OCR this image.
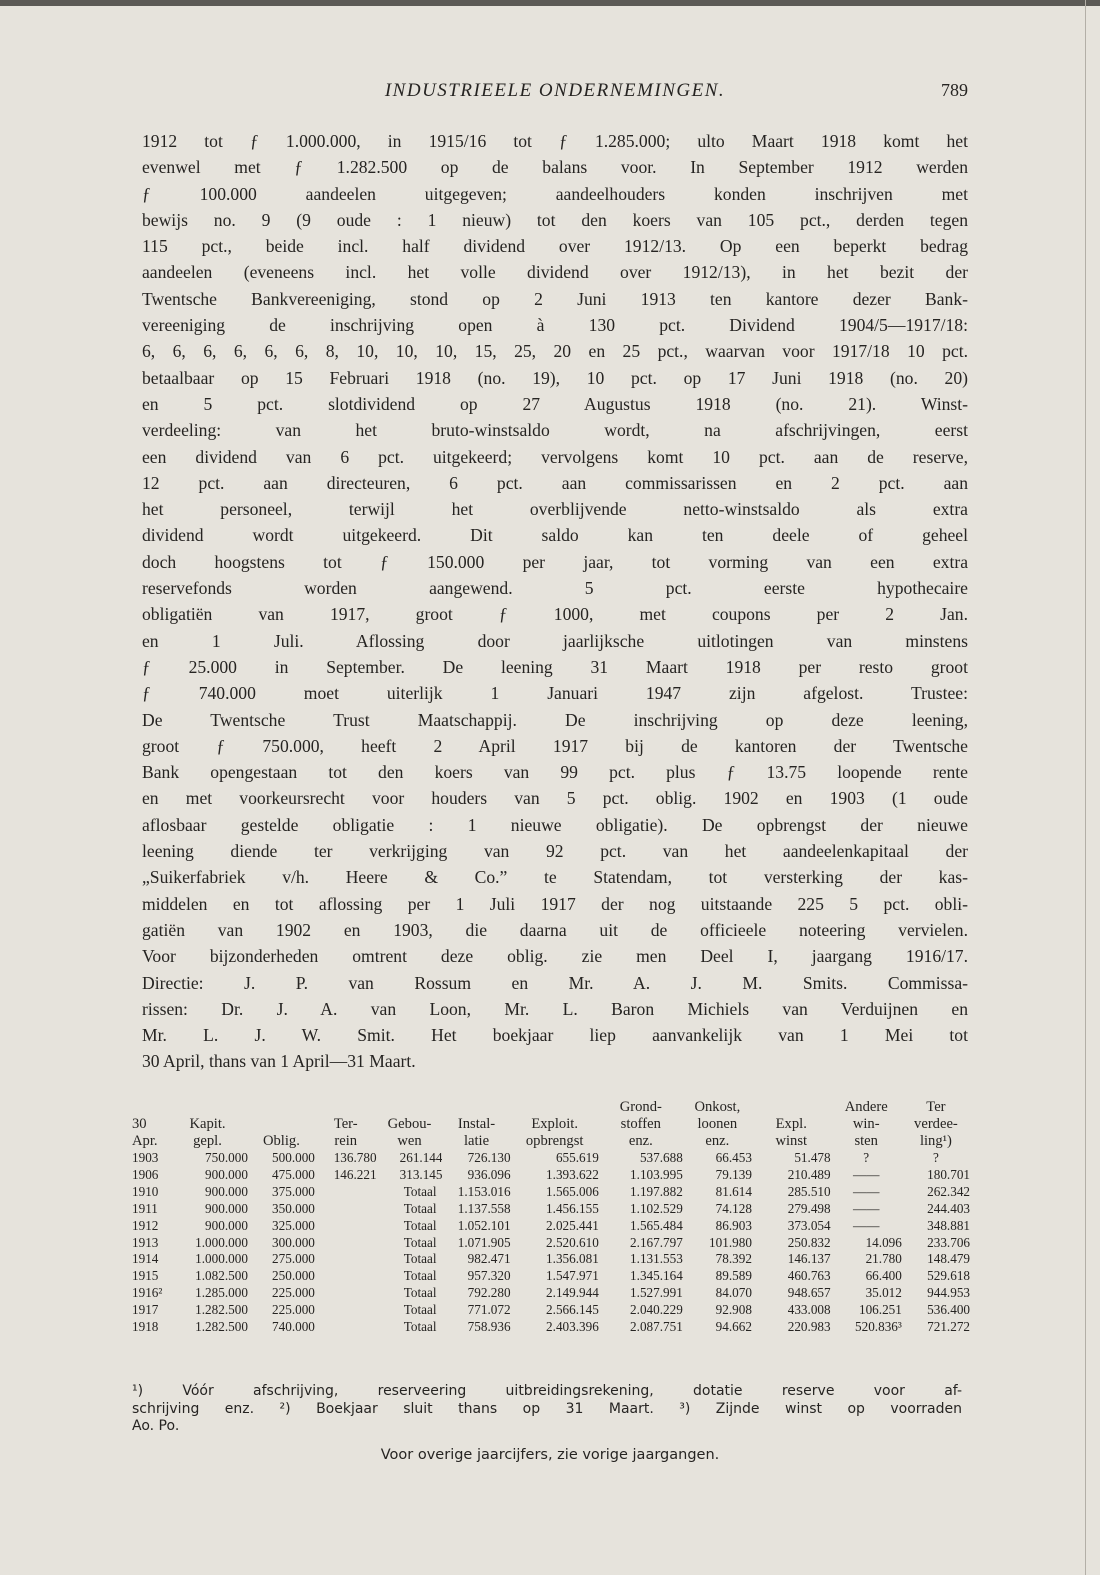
INDUSTRIEELE ONDERNEMINGEN.	789
1912 tot ƒ 1.000.000, in 1915/16 tot ƒ 1.285.000; ulto Maart 1918 komt het
evenwel met ƒ 1.282.500 op de balans voor. In September 1912 werden
ƒ 100.000 aandeelen uitgegeven; aandeelhouders konden inschrijven met
bewijs no. 9 (9 oude : 1 nieuw) tot den koers van 105 pct., derden tegen
115 pct., beide incl. half dividend over 1912/13. Op een beperkt bedrag
aandeelen (eveneens incl. het volle dividend over 1912/13), in het bezit der
Twentsche Bankvereeniging, stond op 2 Juni 1913 ten kantore dezer Bank-
vereeniging de inschrijving open à 130 pct. Dividend 1904/5—1917/18:
6, 6, 6, 6, 6, 6, 8, 10, 10, 10, 15, 25, 20 en 25 pct., waarvan voor 1917/18 10 pct.
betaalbaar op 15 Februari 1918 (no. 19), 10 pct. op 17 Juni 1918 (no. 20)
en 5 pct. slotdividend op 27 Augustus 1918 (no. 21). Winst-
verdeeling: van het bruto-winstsaldo wordt, na afschrijvingen, eerst
een dividend van 6 pct. uitgekeerd; vervolgens komt 10 pct. aan de reserve,
12 pct. aan directeuren, 6 pct. aan commissarissen en 2 pct. aan
het personeel, terwijl het overblijvende netto-winstsaldo als extra
dividend wordt uitgekeerd. Dit saldo kan ten deele of geheel
doch hoogstens tot ƒ 150.000 per jaar, tot vorming van een extra
reservefonds worden aangewend. 5 pct. eerste hypothecaire
obligatiën van 1917, groot ƒ 1000, met coupons per 2 Jan.
en 1 Juli. Aflossing door jaarlijksche uitlotingen van minstens
ƒ 25.000 in September. De leening 31 Maart 1918 per resto groot
ƒ 740.000 moet uiterlijk 1 Januari 1947 zijn afgelost. Trustee:
De Twentsche Trust Maatschappij. De inschrijving op deze leening,
groot ƒ 750.000, heeft 2 April 1917 bij de kantoren der Twentsche
Bank opengestaan tot den koers van 99 pct. plus ƒ 13.75 loopende rente
en met voorkeursrecht voor houders van 5 pct. oblig. 1902 en 1903 (1 oude
aflosbaar gestelde obligatie : 1 nieuwe obligatie). De opbrengst der nieuwe
leening diende ter verkrijging van 92 pct. van het aandeelenkapitaal der
„Suikerfabriek v/h. Heere & Co.” te Statendam, tot versterking der kas-
middelen en tot aflossing per 1 Juli 1917 der nog uitstaande 225 5 pct. obli-
gatiën van 1902 en 1903, die daarna uit de officieele noteering vervielen.
Voor bijzonderheden omtrent deze oblig. zie men Deel I, jaargang 1916/17.
Directie: J. P. van Rossum en Mr. A. J. M. Smits. Commissa-
rissen: Dr. J. A. van Loon, Mr. L. Baron Michiels van Verduijnen en
Mr. L. J. W. Smit. Het boekjaar liep aanvankelijk van 1 Mei tot
30 April, thans van 1 April—31 Maart.
							Grond-	Onkost,		Andere	Ter
30	Kapit.		Ter-	Gebou-	Instal-	Exploit.	stoffen	loonen	Expl.	win-	verdee-
Apr.	gepl.	Oblig.	rein	wen	latie	opbrengst	enz.	enz.	winst	sten	ling¹)
1903	750.000	500.000	136.780	261.144	726.130	655.619	537.688	66.453	51.478	?	?
1906	900.000	475.000	146.221	313.145	936.096	1.393.622	1.103.995	79.139	210.489	——	180.701
1910	900.000	375.000	Totaal		1.153.016	1.565.006	1.197.882	81.614	285.510	——	262.342
1911	900.000	350.000	Totaal		1.137.558	1.456.155	1.102.529	74.128	279.498	——	244.403
1912	900.000	325.000	Totaal		1.052.101	2.025.441	1.565.484	86.903	373.054	——	348.881
1913	1.000.000	300.000	Totaal		1.071.905	2.520.610	2.167.797	101.980	250.832	14.096	233.706
1914	1.000.000	275.000	Totaal		982.471	1.356.081	1.131.553	78.392	146.137	21.780	148.479
1915	1.082.500	250.000	Totaal		957.320	1.547.971	1.345.164	89.589	460.763	66.400	529.618
1916²	1.285.000	225.000	Totaal		792.280	2.149.944	1.527.991	84.070	948.657	35.012	944.953
1917	1.282.500	225.000	Totaal		771.072	2.566.145	2.040.229	92.908	433.008	106.251	536.400
1918	1.282.500	740.000	Totaal		758.936	2.403.396	2.087.751	94.662	220.983	520.836³	721.272
¹) Vóór afschrijving, reserveering uitbreidingsrekening, dotatie reserve voor af-
schrijving enz. ²) Boekjaar sluit thans op 31 Maart. ³) Zijnde winst op voorraden
Ao. Po.
Voor overige jaarcijfers, zie vorige jaargangen.
